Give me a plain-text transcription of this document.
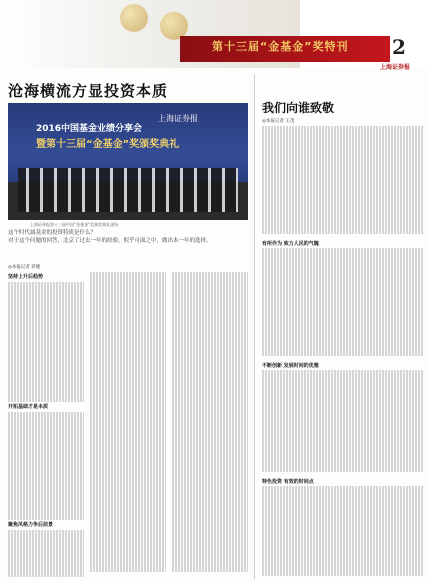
第十三届“金基金”奖特刊 2
上海证券报
沧海横流方显投资本质
2016中国基金业绩分享会
暨第十三届“金基金”奖颁奖典礼
上海证券报
上海证券报第十三届中国“金基金”奖颁奖典礼现场
这个时代属基金的投资特质是什么？
对于这个问题的回答，北京了过去一年的经验，似乎可面之中，做出本一年的选择。
◎本报记者 蒋婕
坚持上升后趋势
开拓基础才是本质
聚焦风格力争后前景
我们向谁致敬
◎本报记者 王茂
有所作为 致力人民的气魄
不断创新 发展时间的优雅
特色投资 有效的时间点
